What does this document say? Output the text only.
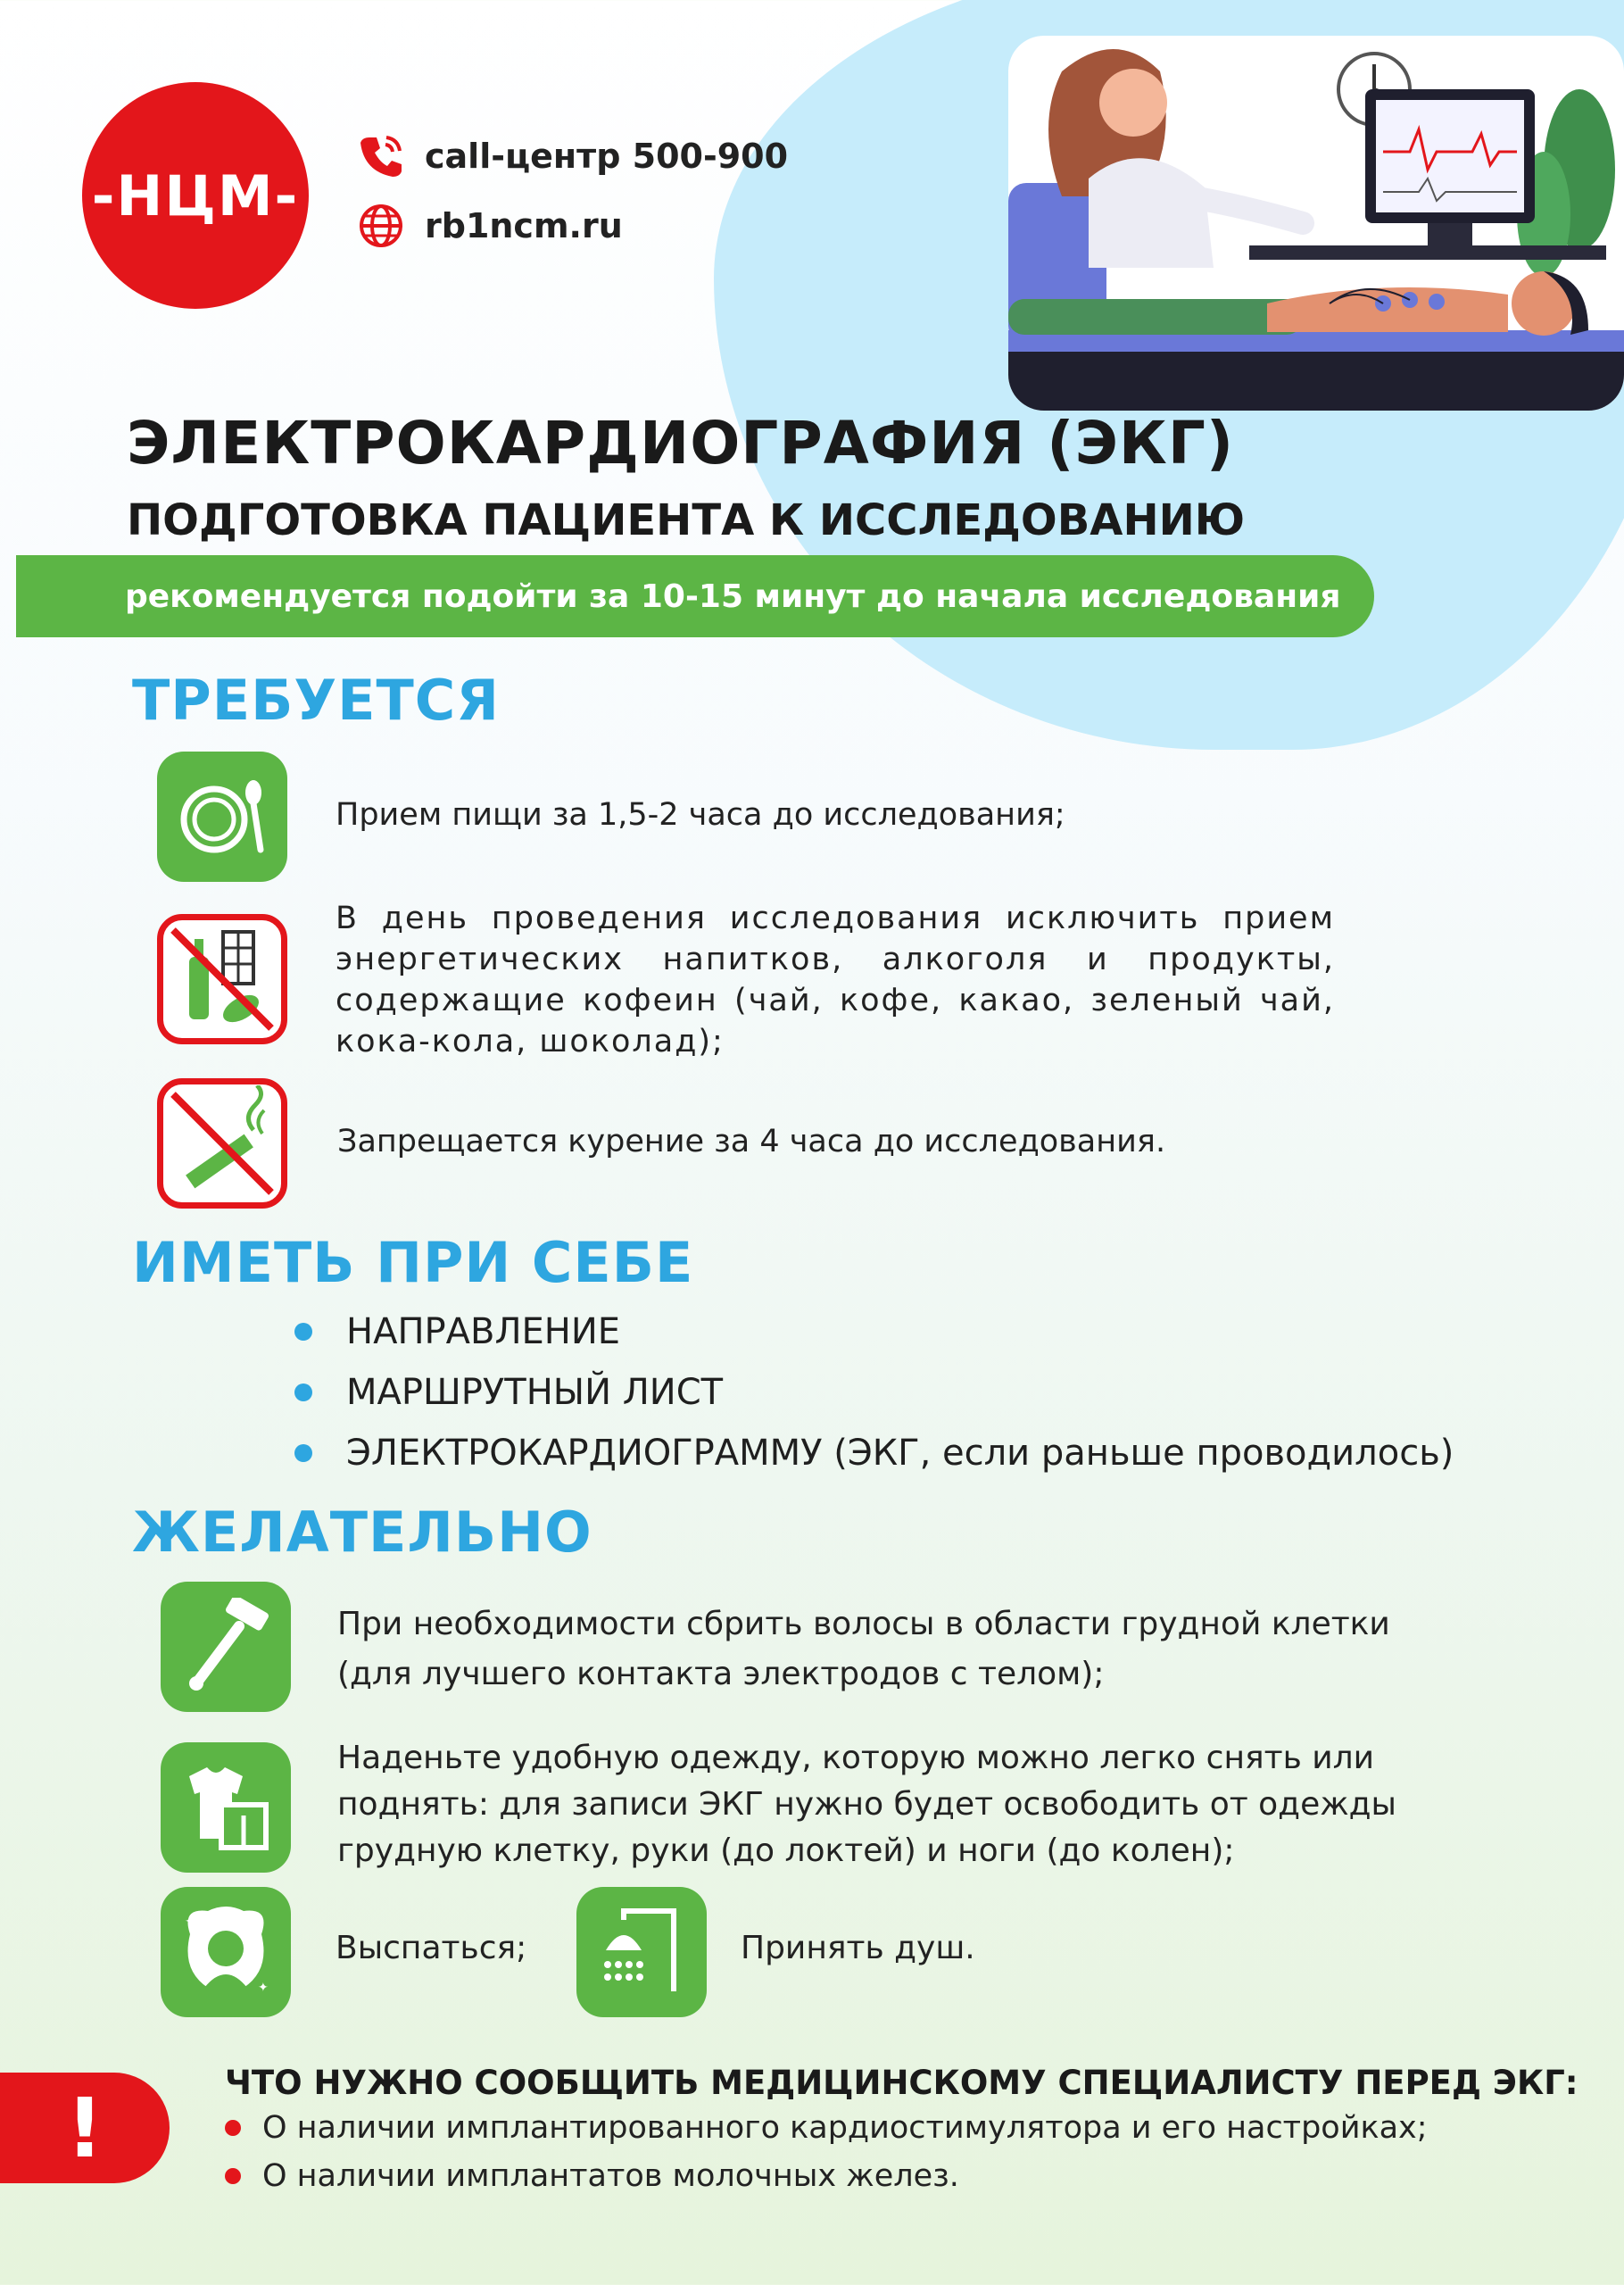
-НЦМ-
call-центр 500-900
rb1ncm.ru
ЭЛЕКТРОКАРДИОГРАФИЯ (ЭКГ)
ПОДГОТОВКА ПАЦИЕНТА К ИССЛЕДОВАНИЮ
рекомендуется подойти за 10-15 минут до начала исследования
ТРЕБУЕТСЯ
Прием пищи за 1,5-2 часа до исследования;
В день проведения исследования исключить прием энергетических напитков, алкоголя и продукты, содержащие кофеин (чай, кофе, какао, зеленый чай, кока-кола, шоколад);
Запрещается курение за 4 часа до исследования.
ИМЕТЬ ПРИ СЕБЕ
НАПРАВЛЕНИЕ
МАРШРУТНЫЙ ЛИСТ
ЭЛЕКТРОКАРДИОГРАММУ (ЭКГ, если раньше проводилось)
ЖЕЛАТЕЛЬНО
При необходимости сбрить волосы в области грудной клетки (для лучшего контакта электродов с телом);
Наденьте удобную одежду, которую можно легко снять или поднять: для записи ЭКГ нужно будет освободить от одежды грудную клетку, руки (до локтей) и ноги (до колен);
✦
✦
Выспаться;	Принять душ.
!	ЧТО НУЖНО СООБЩИТЬ МЕДИЦИНСКОМУ СПЕЦИАЛИСТУ ПЕРЕД ЭКГ:
О наличии имплантированного кардиостимулятора и его настройках;
О наличии имплантатов молочных желез.
